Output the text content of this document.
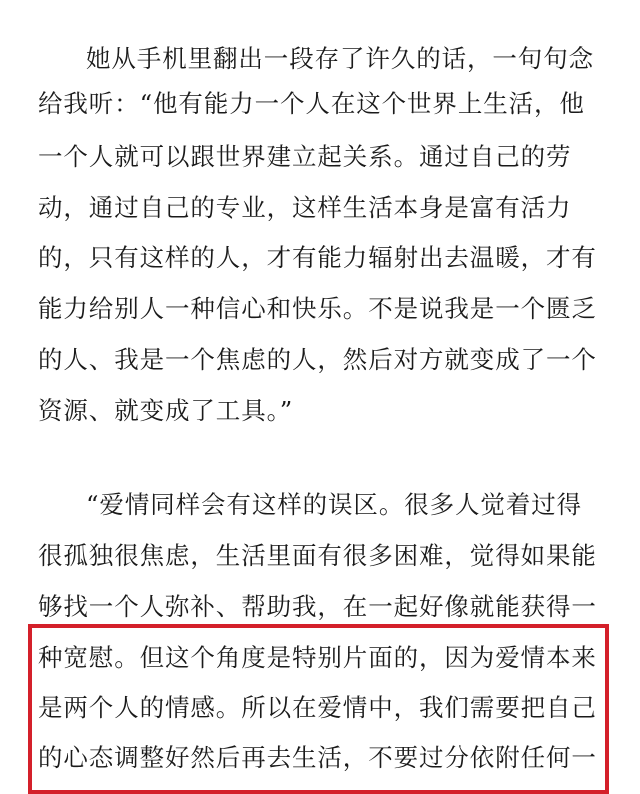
她从手机里翻出一段存了许久的话，一句句念
给我听：“他有能力一个人在这个世界上生活，他
一个人就可以跟世界建立起关系。通过自己的劳
动，通过自己的专业，这样生活本身是富有活力
的，只有这样的人，才有能力辐射出去温暖，才有
能力给别人一种信心和快乐。不是说我是一个匮乏
的人、我是一个焦虑的人，然后对方就变成了一个
资源、就变成了工具。”
“爱情同样会有这样的误区。很多人觉着过得
很孤独很焦虑，生活里面有很多困难，觉得如果能
够找一个人弥补、帮助我，在一起好像就能获得一
种宽慰。但这个角度是特别片面的，因为爱情本来
是两个人的情感。所以在爱情中，我们需要把自己
的心态调整好然后再去生活，不要过分依附任何一
